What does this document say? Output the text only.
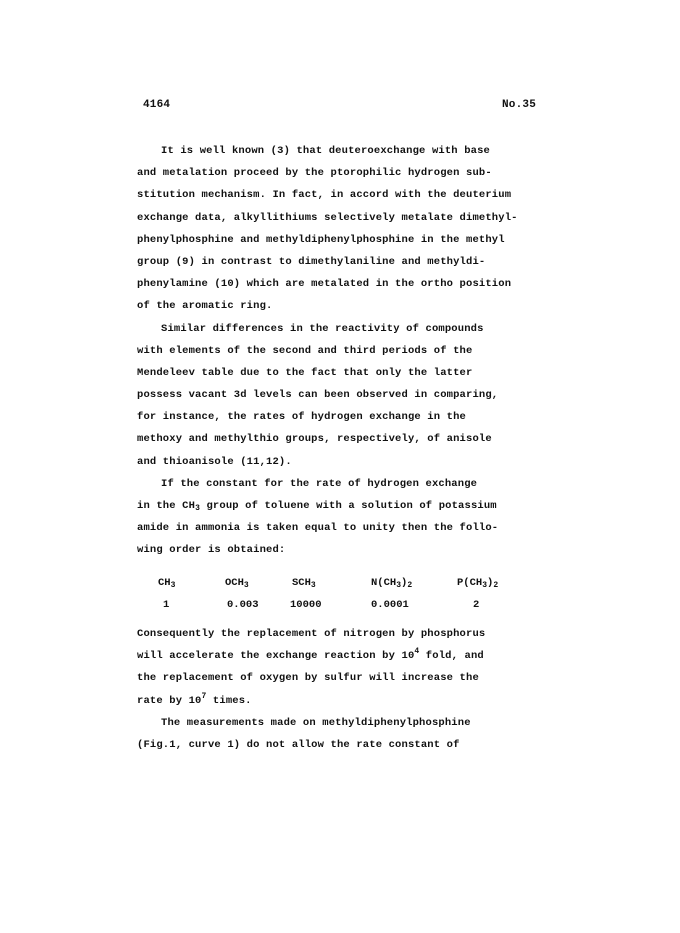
4164	No.35
It is well known (3) that deuteroexchange with base
and metalation proceed by the ptorophilic hydrogen sub-
stitution mechanism. In fact, in accord with the deuterium
exchange data, alkyllithiums selectively metalate dimethyl-
phenylphosphine and methyldiphenylphosphine in the methyl
group (9) in contrast to dimethylaniline and methyldi-
phenylamine (10) which are metalated in the ortho position
of the aromatic ring.
Similar differences in the reactivity of compounds
with elements of the second and third periods of the
Mendeleev table due to the fact that only the latter
possess vacant 3d levels can been observed in comparing,
for instance, the rates of hydrogen exchange in the
methoxy and methylthio groups, respectively, of anisole
and thioanisole (11,12).
If the constant for the rate of hydrogen exchange
in the $CH_3$ group of toluene with a solution of potassium
amide in ammonia is taken equal to unity then the follo-
wing order is obtained:
$CH_3$	$OCH_3$	$SCH_3$	$N(CH_3)_2$	$P(CH_3)_2$
1	0.003	10000	0.0001	2
Consequently the replacement of nitrogen by phosphorus
will accelerate the exchange reaction by $10^4$ fold, and
the replacement of oxygen by sulfur will increase the
rate by $10^7$ times.
The measurements made on methyldiphenylphosphine
(Fig.1, curve 1) do not allow the rate constant of
